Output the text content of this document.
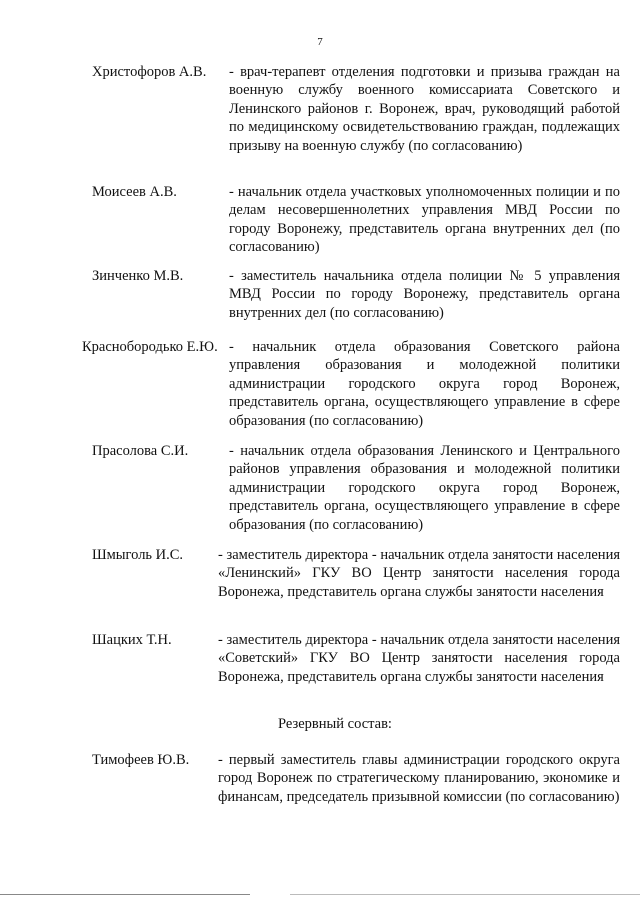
7
Христофоров А.В. - врач-терапевт отделения подготовки и призыва граждан на военную службу военного комиссариата Советского и Ленинского районов г. Воронеж, врач, руководящий работой по медицинскому освидетельствованию граждан, подлежащих призыву на военную службу (по согласованию)

Моисеев А.В.	- начальник отдела участковых уполномоченных полиции и по делам несовершеннолетних управления МВД России по городу Воронежу, представитель органа внутренних дел (по согласованию)

Зинченко М.В.	- заместитель начальника отдела полиции № 5 управления МВД России по городу Воронежу, представитель органа внутренних дел (по согласованию)

Краснобородько Е.Ю. - начальник отдела образования Советского района управления образования и молодежной политики администрации городского округа город Воронеж, представитель органа, осуществляющего управление в сфере образования (по согласованию)

Прасолова С.И.	- начальник отдела образования Ленинского и Центрального районов управления образования и молодежной политики администрации городского округа город Воронеж, представитель органа, осуществляющего управление в сфере образования (по согласованию)

Шмыголь И.С. - заместитель директора - начальник отдела занятости населения «Ленинский» ГКУ ВО Центр занятости населения города Воронежа, представитель органа службы занятости населения

Шацких Т.Н.	- заместитель директора - начальник отдела занятости населения «Советский» ГКУ ВО Центр занятости населения города Воронежа, представитель органа службы занятости населения

Резервный состав:
Тимофеев Ю.В. - первый заместитель главы администрации городского округа город Воронеж по стратегическому планированию, экономике и финансам, председатель призывной комиссии (по согласованию)
